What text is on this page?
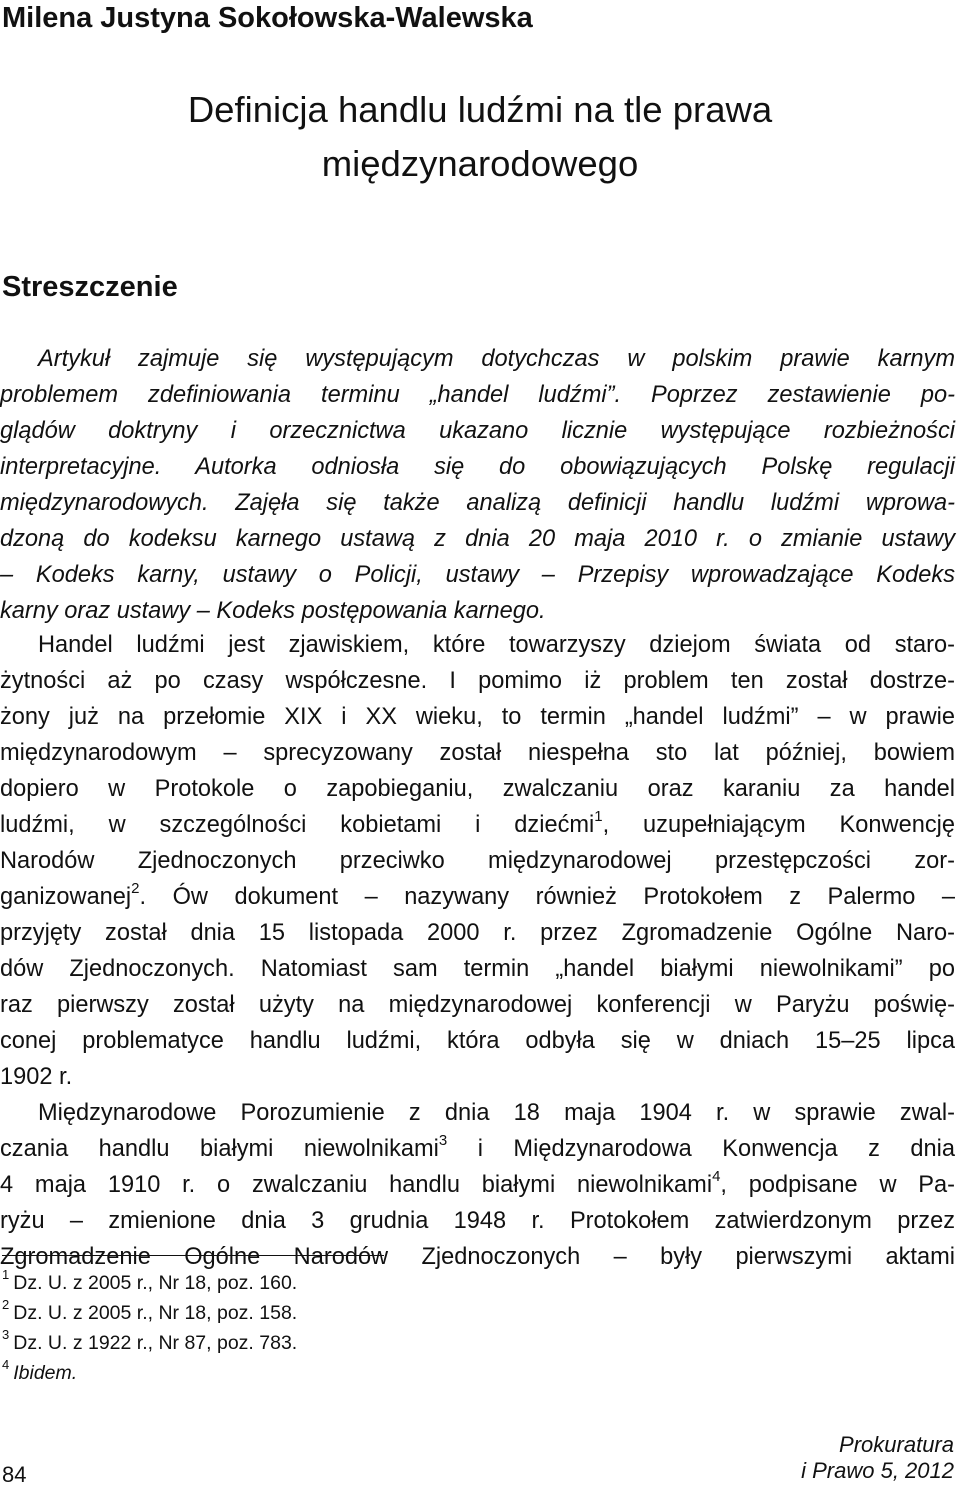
Milena Justyna Sokołowska-Walewska
Definicja handlu ludźmi na tle prawa
międzynarodowego
Streszczenie
Artykuł zajmuje się występującym dotychczas w polskim prawie karnym
problemem zdefiniowania terminu „handel ludźmi”. Poprzez zestawienie po-
glądów doktryny i orzecznictwa ukazano licznie występujące rozbieżności
interpretacyjne. Autorka odniosła się do obowiązujących Polskę regulacji
międzynarodowych. Zajęła się także analizą definicji handlu ludźmi wprowa-
dzoną do kodeksu karnego ustawą z dnia 20 maja 2010 r. o zmianie ustawy
– Kodeks karny, ustawy o Policji, ustawy – Przepisy wprowadzające Kodeks
karny oraz ustawy – Kodeks postępowania karnego.
Handel ludźmi jest zjawiskiem, które towarzyszy dziejom świata od staro-
żytności aż po czasy współczesne. I pomimo iż problem ten został dostrze-
żony już na przełomie XIX i XX wieku, to termin „handel ludźmi” – w prawie
międzynarodowym – sprecyzowany został niespełna sto lat później, bowiem
dopiero w Protokole o zapobieganiu, zwalczaniu oraz karaniu za handel
ludźmi, w szczególności kobietami i dziećmi$^1$, uzupełniającym Konwencję
Narodów Zjednoczonych przeciwko międzynarodowej przestępczości zor-
ganizowanej$^2$. Ów dokument – nazywany również Protokołem z Palermo –
przyjęty został dnia 15 listopada 2000 r. przez Zgromadzenie Ogólne Naro-
dów Zjednoczonych. Natomiast sam termin „handel białymi niewolnikami” po
raz pierwszy został użyty na międzynarodowej konferencji w Paryżu poświę-
conej problematyce handlu ludźmi, która odbyła się w dniach 15–25 lipca
1902 r.
Międzynarodowe Porozumienie z dnia 18 maja 1904 r. w sprawie zwal-
czania handlu białymi niewolnikami$^3$ i Międzynarodowa Konwencja z dnia
4 maja 1910 r. o zwalczaniu handlu białymi niewolnikami$^4$, podpisane w Pa-
ryżu – zmienione dnia 3 grudnia 1948 r. Protokołem zatwierdzonym przez
Zgromadzenie Ogólne Narodów Zjednoczonych – były pierwszymi aktami
$^1$ Dz. U. z 2005 r., Nr 18, poz. 160.
$^2$ Dz. U. z 2005 r., Nr 18, poz. 158.
$^3$ Dz. U. z 1922 r., Nr 87, poz. 783.
$^4$ Ibidem.
84
Prokuratura
i Prawo 5, 2012
